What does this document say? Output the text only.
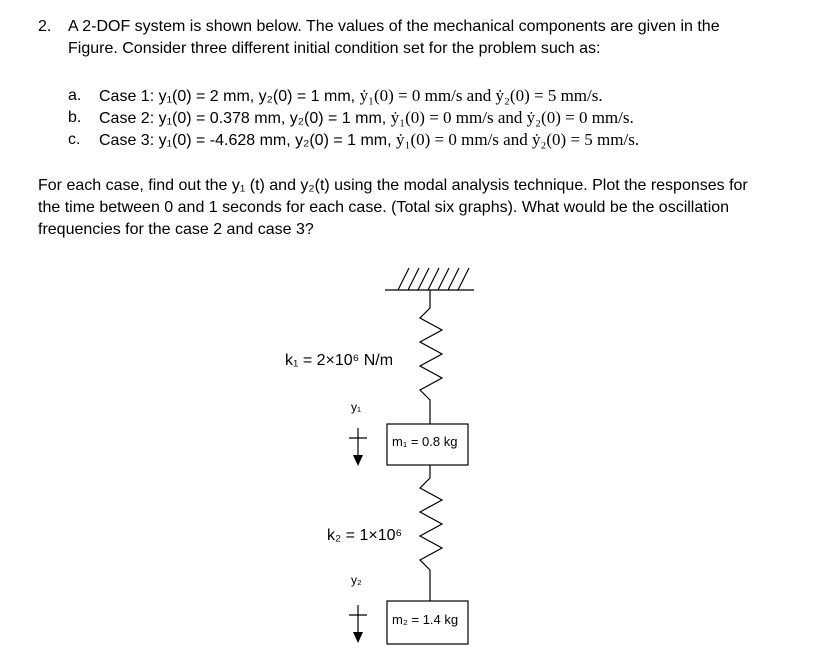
2. A 2-DOF system is shown below. The values of the mechanical components are given in the
Figure. Consider three different initial condition set for the problem such as:
a. Case 1: y₁(0) = 2 mm, y₂(0) = 1 mm, ẏ₁(0) = 0 mm/s and ẏ₂(0) = 5 mm/s.
b. Case 2: y₁(0) = 0.378 mm, y₂(0) = 1 mm, ẏ₁(0) = 0 mm/s and ẏ₂(0) = 0 mm/s.
c. Case 3: y₁(0) = -4.628 mm, y₂(0) = 1 mm, ẏ₁(0) = 0 mm/s and ẏ₂(0) = 5 mm/s.
For each case, find out the y₁ (t) and y₂(t) using the modal analysis technique. Plot the responses for
the time between 0 and 1 seconds for each case. (Total six graphs). What would be the oscillation
frequencies for the case 2 and case 3?
k₁ = 2×10⁶ N/m
y₁
m₁ = 0.8 kg
k₂ = 1×10⁶
y₂
m₂ = 1.4 kg
